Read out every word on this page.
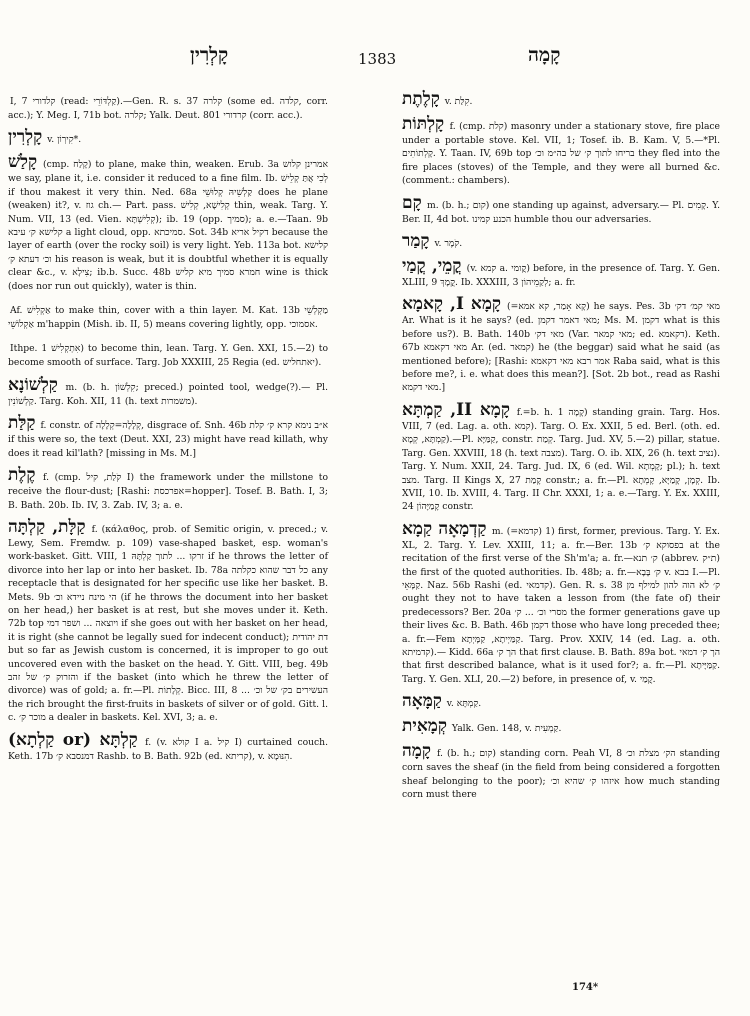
קָלְרִין	1383	קָמָה

I, 7 קלדורי (read: קַלְדּוֹרֵי).—Gen. R. s. 37 קלרה (some ed. קלדה, corr. acc.); Y. Meg. I, 71b bot. קלרה; Yalk. Deut. 801 קרדורי (corr. acc.).

קָלְרִין v. קִירְוֹן*.

קָלַשׁ (cmp. קָלַח) to plane, make thin, weaken. Erub. 3a אמרינן קלוש we say, plane it, i.e. consider it reduced to a fine film. Ib. לְכִי אֲתַּ קְלֵישׁ if thou makest it very thin. Ned. 68a קַלְשֵׁיהּ קְלוּשֵׁי does he plane (weaken) it?, v. גוז ch.— Part. pass. קְלִישָׁא, קְלִישׁ thin, weak. Targ. Y. Num. VII, 13 (ed. Vien. קְלִישְׁתָּא); ib. 19 (opp. סמיך); a. e.—Taan. 9b קלישא ק׳ עיבא a light cloud, opp. סמיכתא. Sot. 34b דקיל אריא because the layer of earth (over the rocky soil) is very light. Yeb. 113a bot. קלישא וכ׳ דעתא ק׳ his reason is weak, but it is doubtful whether it is equally clear &c., v. צִילָא; ib.b. Succ. 48b חמרא סמיך מיא קליש wine is thick (does nor run out quickly), water is thin.

Af. אַקְלִישׁ to make thin, cover with a thin layer. M. Kat. 13b מַקְלְשֵׁי אַקְלוֹשֵׁי m'happin (Mish. ib. II, 5) means covering lightly, opp. אסמוכי.

Ithpe. אִתְקְלִישׁ 1) to become thin, lean. Targ. Y. Gen. XXI, 15.—2) to become smooth of surface. Targ. Job XXXIII, 25 Regia (ed. יאתחליש).

קַלְשׁוֹנָא m. (b. h. קִלְשׁוֹן; preced.) pointed tool, wedge(?).— Pl. קַלְשׁוֹנִין. Targ. Koh. XII, 11 (h. text משמרות).

קַלַּת f. constr. of קְלָלָה=קְלָלָה, disgrace of. Snh. 46b א״ב נימא קרא ק׳ קלת if this were so, the text (Deut. XXI, 23) might have read killath, why does it read kil'lath? [missing in Ms. M.]

קֶלֶת f. (cmp. קֹלַת, קיל I) the framework under the millstone to receive the flour-dust; [Rashi: אפרכסת=hopper]. Tosef. B. Bath. I, 3; B. Bath. 20b. Ib. IV, 3. Zab. IV, 3; a. e.

קַלָּת, קַלְתָּה f. (κάλαθος, prob. of Semitic origin, v. preced.; v. Lewy, Sem. Fremdw. p. 109) vase-shaped basket, esp. woman's work-basket. Gitt. VIII, 1 זרקו ... לתוך קַלְתָּהּ if he throws the letter of divorce into her lap or into her basket. Ib. 78a כל דבר שהוא כקלתה any receptacle that is designated for her specific use like her basket. B. Mets. 9b הי מינח ניידא וכ׳ (if he throws the document into her basket on her head,) her basket is at rest, but she moves under it. Keth. 72b top ויוצאה ... ושפר דמי if she goes out with her basket on her head, it is right (she cannot be legally sued for indecent conduct); דת יהודית but so far as Jewish custom is concerned, it is improper to go out uncovered even with the basket on the head. Y. Gitt. VIII, beg. 49b והזרוק ק׳ של זהב if the basket (into which he threw the letter of divorce) was of gold; a. fr.—Pl. קְלָתוֹת. Bicc. III, 8 ... העשירים בק׳ של וכ׳ the rich brought the first-fruits in baskets of silver or of gold. Gitt. l. c. מוכר ק׳ a dealer in baskets. Kel. XVI, 3; a. e.

קַלְתָּא (or קַלְתָא) f. (v. קולא I a. קיל I) curtained couch. Keth. 17b דמנסבא ק׳ Rashb. to B. Bath. 92b (ed. קריתא), v. הִנּוּמָא.

קָלֶתֶת v. קִלַּת.

קָלְתּוֹת f. (cmp. קלת) masonry under a stationary stove, fire place under a portable stove. Kel. VII, 1; Tosef. ib. B. Kam. V, 5.—*Pl. קָלְתוֹתִים. Y. Taan. IV, 69b top בריחו לתוך ק׳ של בה״מ וכ׳ they fled into the fire places (stoves) of the Temple, and they were all burned &c. (comment.: chambers).

קָם m. (b. h.; קום) one standing up against, adversary.— Pl. קָמִים. Y. Ber. II, 4d bot. הכנע קמינו humble thou our adversaries.

קָמַר v. קֹמֶר.

קֳמֵי, קֳמַי (v. קמא a. קֳומי) before, in the presence of. Targ. Y. Gen. XLIII, 9 קֳמָךְ. Ib. XXXIII, 3 לְקַמֵיהוֹן; a. fr.

קָמָא I, קָאמָא (=קָא אָמַר, קא אמא) he says. Pes. 3b מאי קמ׳ דק׳ Ar. What is it he says? (ed. מאי דאמר דקמן; Ms. M. דקמן what is this before us?). B. Bath. 140b מאי דק׳ (Var. מאי קמאר; ed. דקאמא). Keth. 67b מאי דקאמא Ar. (ed. קמאר) he (the beggar) said what he said (as mentioned before); [Rashi: אמר רבא מאי דקאמא Raba said, what is this before me?, i. e. what does this mean?]. [Sot. 2b bot., read as Rashi מאי דקמא.]

קָמָא II, קַמְתָּא f.=b. h. קָמָה 1) standing grain. Targ. Hos. VIII, 7 (ed. Lag. a. oth. קמא). Targ. O. Ex. XXII, 5 ed. Berl. (oth. ed. קַמְתָּא, קְמָא).—Pl. קַמַּיָּא, constr. קְמַת. Targ. Jud. XV, 5.—2) pillar, statue. Targ. Gen. XXVIII, 18 (h. text מצבה). Targ. O. ib. XIX, 26 (h. text נציב). Targ. Y. Num. XXII, 24. Targ. Jud. IX, 6 (ed. Wil. קָמְתָא; pl.); h. text מצב. Targ. II Kings X, 27 קָמַת constr.; a. fr.—Pl. קְמָן, קָמַיָּא, קָמְתָא. Ib. XVII, 10. Ib. XVIII, 4. Targ. II Chr. XXXI, 1; a. e.—Targ. Y. Ex. XXIII, 24 קָמַיָּהוֹן constr.

קַדְמָאָה קַמָא m. (=קדמא) 1) first, former, previous. Targ. Y. Ex. XL, 2. Targ. Y. Lev. XXIII, 11; a. fr.—Ber. 13b בפסוקא ק׳ at the recitation of the first verse of the Sh'm'a; a. fr.—ק׳ תנא (abbrev. ת״ק) the first of the quoted authorities. Ib. 48b; a. fr.—ק׳ בָּבָא v. בבא I.—Pl. קַמָּאֵי. Naz. 56b Rashi (ed. קדמאי). Gen. R. s. 38 ק׳ לא הוה להון למילף מן ought they not to have taken a lesson from (the fate of) their predecessors? Ber. 20a מסרי וכ׳ ... ק׳ the former generations gave up their lives &c. B. Bath. 46b דקמן those who have long preceded thee; a. fr.—Fem קַמַּיְיתָא, קַמָּיְתָא. Targ. Prov. XXIV, 14 (ed. Lag. a. oth. קדמיתא).— Kidd. 66a הך ק׳ that first clause. B. Bath. 89a bot. הך ק׳ דמאי that first described balance, what is it used for?; a. fr.—Pl. קַמַּיָּיתָא. Targ. Y. Gen. XLI, 20.—2) before, in presence of, v. קֳמַי.

קַמָּאָה v. קַמְתָּא.

קְמָאִית Yalk. Gen. 148, v. קַמְעִית.

קָמָה f. (b. h.; קום) standing corn. Peah VI, 8 הק׳ מצלת וכ׳ standing corn saves the sheaf (in the field from being considered a forgotten sheaf belonging to the poor); איזהו ק׳ שהיא וכ׳ how much standing corn must there

174*
